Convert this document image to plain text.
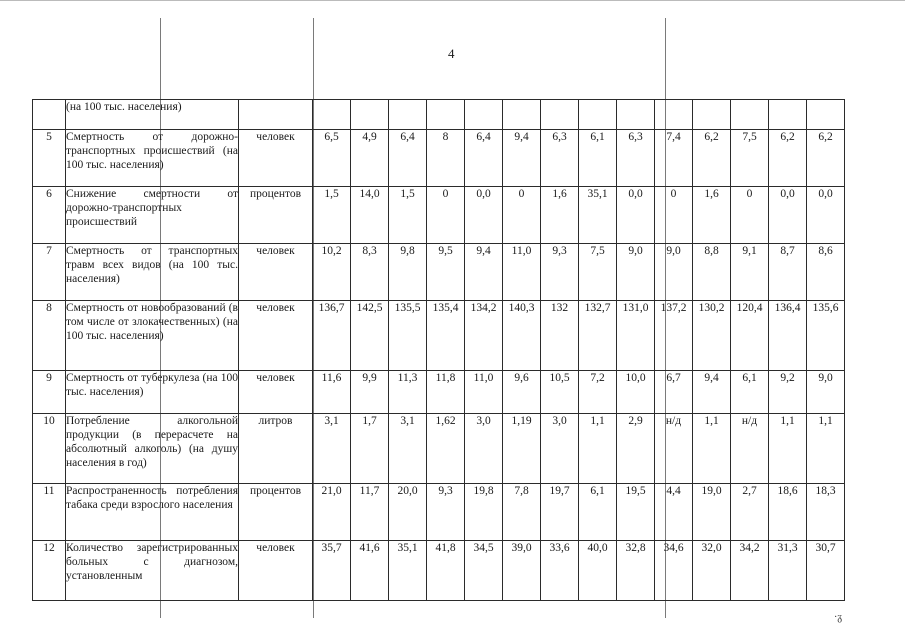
4
	(на 100 тыс. населения)															
5	Смертность от дорожно-транспортных происшествий (на 100 тыс. населения)	человек	6,5	4,9	6,4	8	6,4	9,4	6,3	6,1	6,3	7,4	6,2	7,5	6,2	6,2
6	Снижение смертности от дорожно-транспортных происшествий	процентов	1,5	14,0	1,5	0	0,0	0	1,6	35,1	0,0	0	1,6	0	0,0	0,0
7	Смертность от транспортных травм всех видов (на 100 тыс. населения)	человек	10,2	8,3	9,8	9,5	9,4	11,0	9,3	7,5	9,0	9,0	8,8	9,1	8,7	8,6
8	Смертность от новообразований (в том числе от злокачественных) (на 100 тыс. населения)	человек	136,7	142,5	135,5	135,4	134,2	140,3	132	132,7	131,0	137,2	130,2	120,4	136,4	135,6
9	Смертность от туберкулеза (на 100 тыс. населения)	человек	11,6	9,9	11,3	11,8	11,0	9,6	10,5	7,2	10,0	6,7	9,4	6,1	9,2	9,0
10	Потребление алкогольной продукции (в перерасчете на абсолютный алкоголь) (на душу населения в год)	литров	3,1	1,7	3,1	1,62	3,0	1,19	3,0	1,1	2,9	н/д	1,1	н/д	1,1	1,1
11	Распространенность потребления табака среди взрослого населения	процентов	21,0	11,7	20,0	9,3	19,8	7,8	19,7	6,1	19,5	4,4	19,0	2,7	18,6	18,3
12	Количество зарегистрированных больных с диагнозом, установленным	человек	35,7	41,6	35,1	41,8	34,5	39,0	33,6	40,0	32,8	34,6	32,0	34,2	31,3	30,7
·ᵹ
